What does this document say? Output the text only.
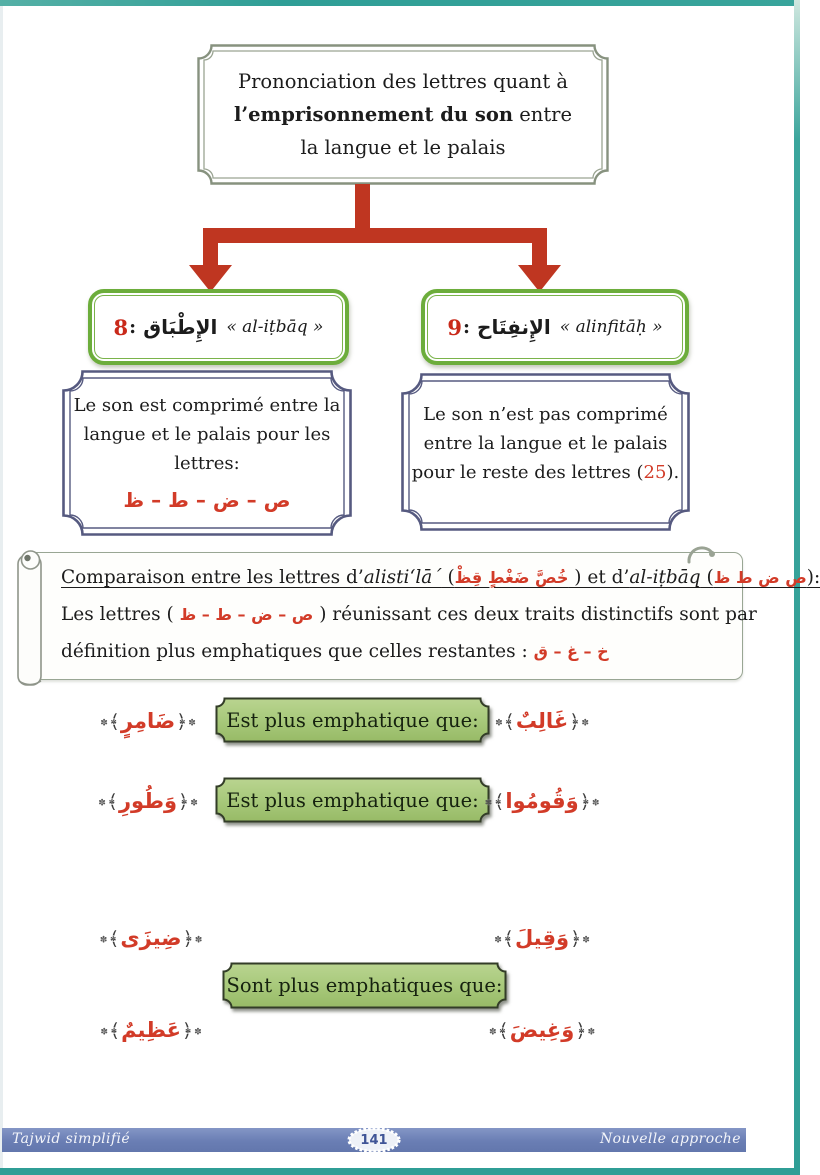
Prononciation des lettres quant à
l’emprisonnement du son entre
la langue et le palais
8 : الإِطْبَاق « al-iṭbāq »	9 : الإِنفِتَاح « alinfitāḥ »
Le son est comprimé entre la
langue et le palais pour les
lettres:
ص – ض – ط – ظ
Le son n’est pas comprimé
entre la langue et le palais
pour le reste des lettres (25).

Comparaison entre les lettres d’alisti‘lā´ (خُصَّ ضَغْطٍ قِظْ ) et d’al-iṭbāq (ص ض ط ظ):

Les lettres ( ص – ض – ط – ظ ) réunissant ces deux traits distinctifs sont par

définition plus emphatiques que celles restantes : خ – غ – ق

✽﴿ضَامِرٍ﴾✽	Est plus emphatique que:	✽﴿غَالِبٌ﴾✽
✽﴿وَطُورِ﴾✽	Est plus emphatique que:	✽﴿وَقُومُوا﴾✽
✽﴿ضِيزَى﴾✽	✽﴿وَقِيلَ﴾✽
Sont plus emphatiques que:
✽﴿عَظِيمٌ﴾✽	✽﴿وَغِيضَ﴾✽
Tajwid simplifié	141	Nouvelle approche
